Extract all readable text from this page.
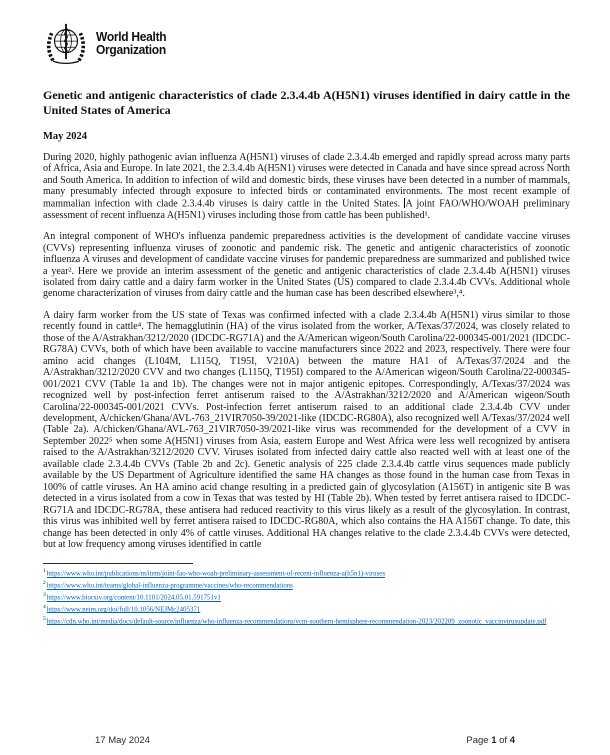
World Health
Organization
Genetic and antigenic characteristics of clade 2.3.4.4b A(H5N1) viruses identified in dairy cattle in the United States of America

May 2024

During 2020, highly pathogenic avian influenza A(H5N1) viruses of clade 2.3.4.4b emerged and rapidly spread across many parts of Africa, Asia and Europe. In late 2021, the 2.3.4.4b A(H5N1) viruses were detected in Canada and have since spread across North and South America. In addition to infection of wild and domestic birds, these viruses have been detected in a number of mammals, many presumably infected through exposure to infected birds or contaminated environments. The most recent example of mammalian infection with clade 2.3.4.4b viruses is dairy cattle in the United States. A joint FAO/WHO/WOAH preliminary assessment of recent influenza A(H5N1) viruses including those from cattle has been published¹.

An integral component of WHO's influenza pandemic preparedness activities is the development of candidate vaccine viruses (CVVs) representing influenza viruses of zoonotic and pandemic risk. The genetic and antigenic characteristics of zoonotic influenza A viruses and development of candidate vaccine viruses for pandemic preparedness are summarized and published twice a year². Here we provide an interim assessment of the genetic and antigenic characteristics of clade 2.3.4.4b A(H5N1) viruses isolated from dairy cattle and a dairy farm worker in the United States (US) compared to clade 2.3.4.4b CVVs. Additional whole genome characterization of viruses from dairy cattle and the human case has been described elsewhere³,⁴.

A dairy farm worker from the US state of Texas was confirmed infected with a clade 2.3.4.4b A(H5N1) virus similar to those recently found in cattle⁴. The hemagglutinin (HA) of the virus isolated from the worker, A/Texas/37/2024, was closely related to those of the A/Astrakhan/3212/2020 (IDCDC-RG71A) and the A/American wigeon/South Carolina/22-000345-001/2021 (IDCDC-RG78A) CVVs, both of which have been available to vaccine manufacturers since 2022 and 2023, respectively. There were four amino acid changes (L104M, L115Q, T195I, V210A) between the mature HA1 of A/Texas/37/2024 and the A/Astrakhan/3212/2020 CVV and two changes (L115Q, T195I) compared to the A/American wigeon/South Carolina/22-000345-001/2021 CVV (Table 1a and 1b). The changes were not in major antigenic epitopes. Correspondingly, A/Texas/37/2024 was recognized well by post-infection ferret antiserum raised to the A/Astrakhan/3212/2020 and A/American wigeon/South Carolina/22-000345-001/2021 CVVs. Post-infection ferret antiserum raised to an additional clade 2.3.4.4b CVV under development, A/chicken/Ghana/AVL-763_21VIR7050-39/2021-like (IDCDC-RG80A), also recognized well A/Texas/37/2024 well (Table 2a). A/chicken/Ghana/AVL-763_21VIR7050-39/2021-like virus was recommended for the development of a CVV in September 2022⁵ when some A(H5N1) viruses from Asia, eastern Europe and West Africa were less well recognized by antisera raised to the A/Astrakhan/3212/2020 CVV. Viruses isolated from infected dairy cattle also reacted well with at least one of the available clade 2.3.4.4b CVVs (Table 2b and 2c). Genetic analysis of 225 clade 2.3.4.4b cattle virus sequences made publicly available by the US Department of Agriculture identified the same HA changes as those found in the human case from Texas in 100% of cattle viruses. An HA amino acid change resulting in a predicted gain of glycosylation (A156T) in antigenic site B was detected in a virus isolated from a cow in Texas that was tested by HI (Table 2b). When tested by ferret antisera raised to IDCDC-RG71A and IDCDC-RG78A, these antisera had reduced reactivity to this virus likely as a result of the glycosylation. In contrast, this virus was inhibited well by ferret antisera raised to IDCDC-RG80A, which also contains the HA A156T change. To date, this change has been detected in only 4% of cattle viruses. Additional HA changes relative to the clade 2.3.4.4b CVVs were detected, but at low frequency among viruses identified in cattle

$^1$https://www.who.int/publications/m/item/joint-fao-who-woah-preliminary-assessment-of-recent-influenza-a(h5n1)-viruses
$^2$https://www.who.int/teams/global-influenza-programme/vaccines/who-recommendations
$^3$https://www.biorxiv.org/content/10.1101/2024.05.01.591751v1
$^4$https://www.nejm.org/doi/full/10.1056/NEJMc2405371
$^5$https://cdn.who.int/media/docs/default-source/influenza/who-influenza-recommendations/vcm-southern-hemisphere-recommendation-2023/202209_zoonotic_vaccinvirusupdate.pdf
17 May 2024	Page 1 of 4
